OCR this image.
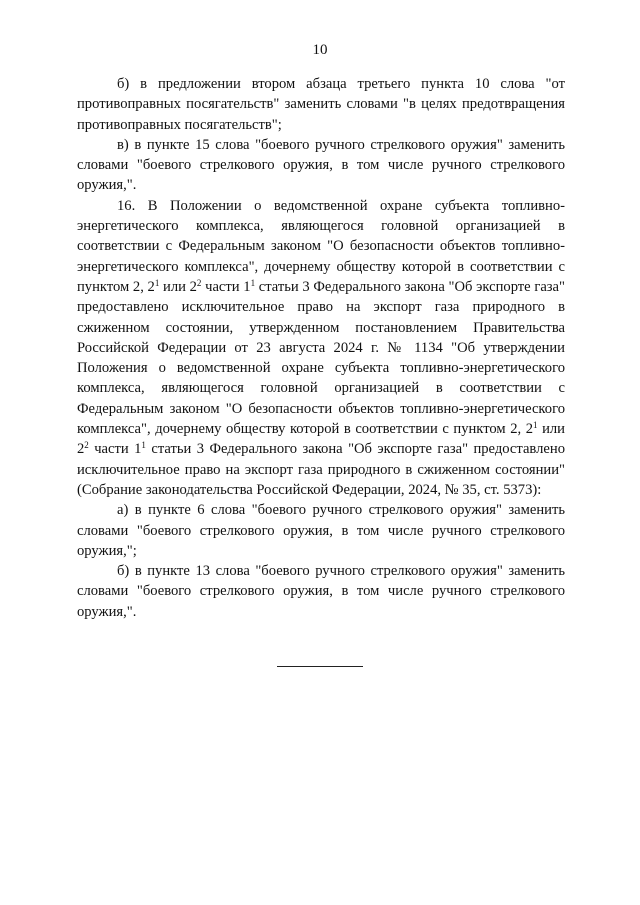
10

б) в предложении втором абзаца третьего пункта 10 слова "от противоправных посягательств" заменить словами "в целях предотвращения противоправных посягательств";

в) в пункте 15 слова "боевого ручного стрелкового оружия" заменить словами "боевого стрелкового оружия, в том числе ручного стрелкового оружия,".

16. В Положении о ведомственной охране субъекта топливно-энергетического комплекса, являющегося головной организацией в соответствии с Федеральным законом "О безопасности объектов топливно-энергетического комплекса", дочернему обществу которой в соответствии с пунктом 2, $2^1$ или $2^2$ части $1^1$ статьи 3 Федерального закона "Об экспорте газа" предоставлено исключительное право на экспорт газа природного в сжиженном состоянии, утвержденном постановлением Правительства Российской Федерации от 23 августа 2024 г. № 1134 "Об утверждении Положения о ведомственной охране субъекта топливно-энергетического комплекса, являющегося головной организацией в соответствии с Федеральным законом "О безопасности объектов топливно-энергетического комплекса", дочернему обществу которой в соответствии с пунктом 2, $2^1$ или $2^2$ части $1^1$ статьи 3 Федерального закона "Об экспорте газа" предоставлено исключительное право на экспорт газа природного в сжиженном состоянии" (Собрание законодательства Российской Федерации, 2024, № 35, ст. 5373):

а) в пункте 6 слова "боевого ручного стрелкового оружия" заменить словами "боевого стрелкового оружия, в том числе ручного стрелкового оружия,";

б) в пункте 13 слова "боевого ручного стрелкового оружия" заменить словами "боевого стрелкового оружия, в том числе ручного стрелкового оружия,".
